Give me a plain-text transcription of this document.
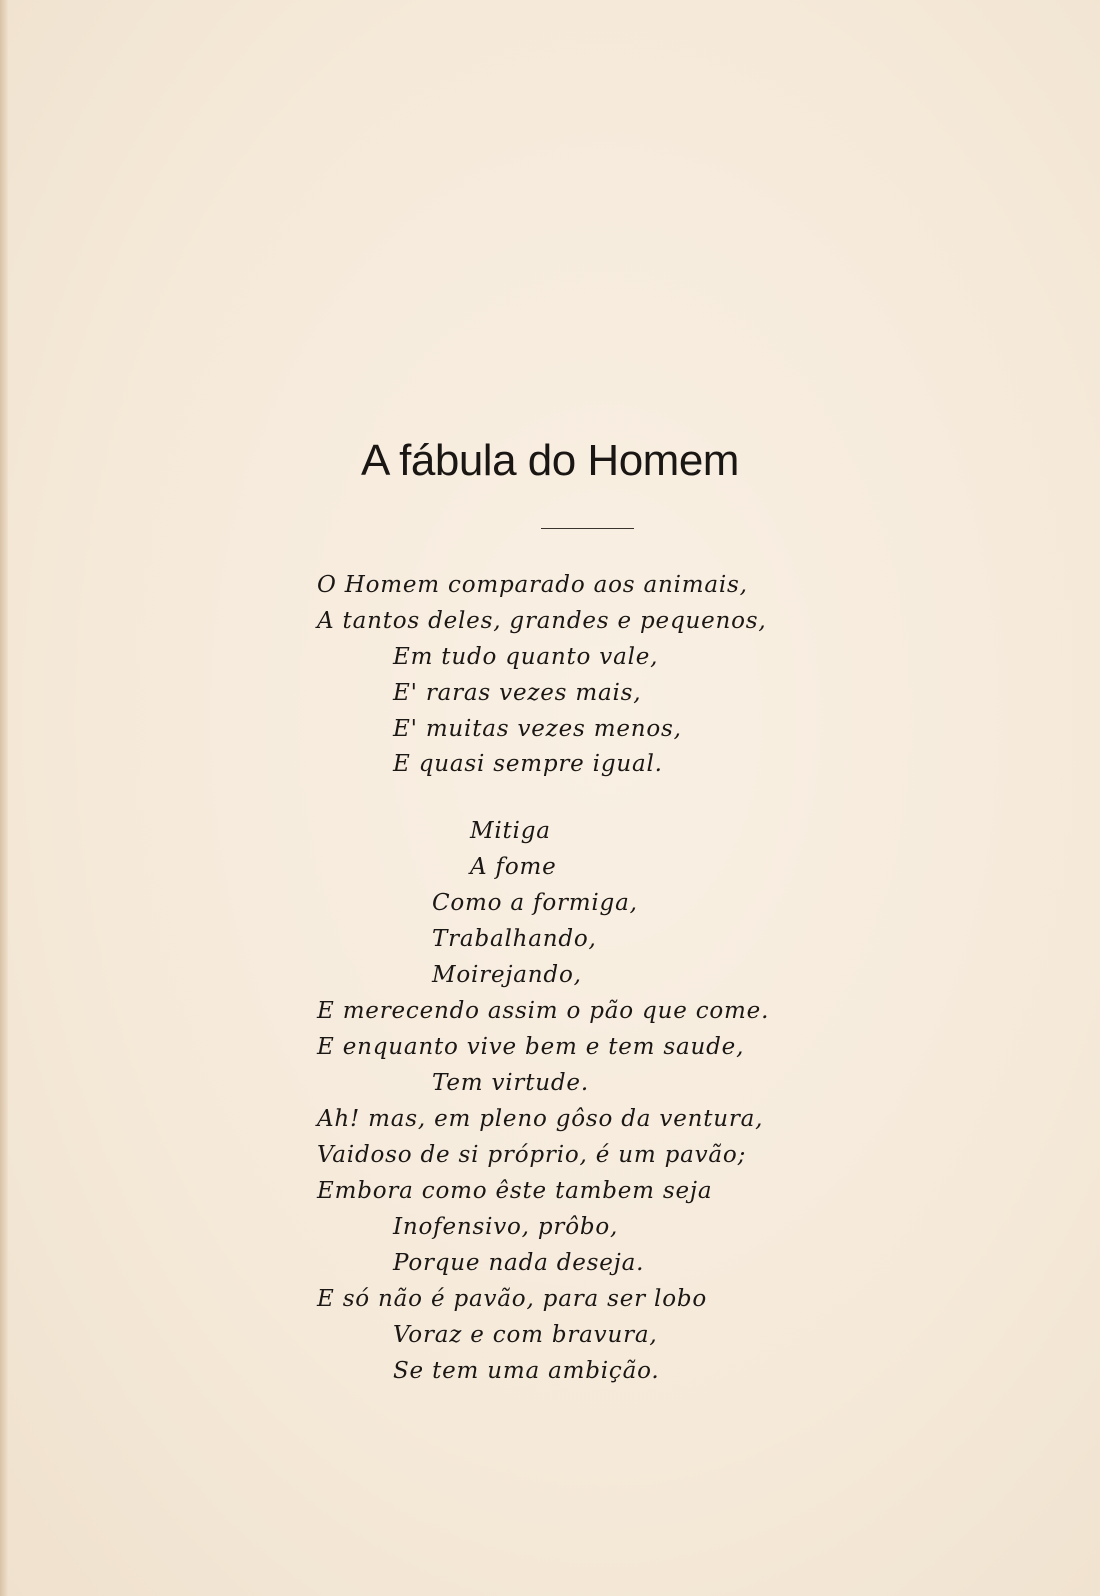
A fábula do Homem
O Homem comparado aos animais,
A tantos deles, grandes e pequenos,
Em tudo quanto vale,
E' raras vezes mais,
E' muitas vezes menos,
E quasi sempre igual.
Mitiga
A fome
Como a formiga,
Trabalhando,
Moirejando,
E merecendo assim o pão que come.
E enquanto vive bem e tem saude,
Tem virtude.
Ah! mas, em pleno gôso da ventura,
Vaidoso de si próprio, é um pavão;
Embora como êste tambem seja
Inofensivo, prôbo,
Porque nada deseja.
E só não é pavão, para ser lobo
Voraz e com bravura,
Se tem uma ambição.
